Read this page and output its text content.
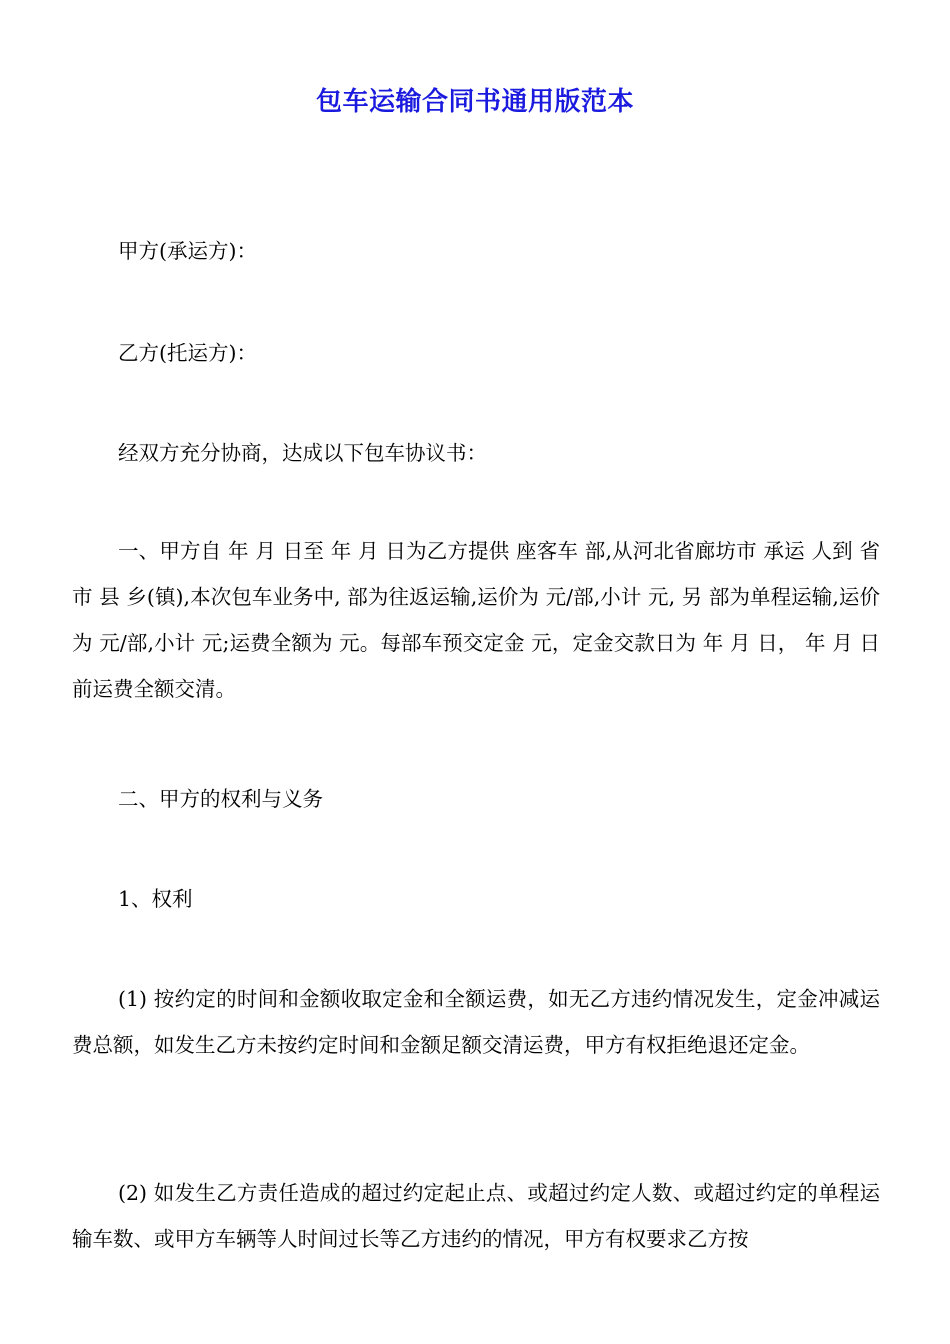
包车运输合同书通用版范本

甲方(承运方)：

乙方(托运方)：

经双方充分协商，达成以下包车协议书：

一、甲方自 年 月 日至 年 月 日为乙方提供 座客车 部,从河北省廊坊市 承运 人到 省 市 县 乡(镇),本次包车业务中, 部为往返运输,运价为 元/部,小计 元, 另 部为单程运输,运价为 元/部,小计 元;运费全额为 元。每部车预交定金 元，定金交款日为 年 月 日， 年 月 日前运费全额交清。

二、甲方的权利与义务

1、权利

(1) 按约定的时间和金额收取定金和全额运费，如无乙方违约情况发生，定金冲减运费总额，如发生乙方未按约定时间和金额足额交清运费，甲方有权拒绝退还定金。

(2) 如发生乙方责任造成的超过约定起止点、或超过约定人数、或超过约定的单程运输车数、或甲方车辆等人时间过长等乙方违约的情况，甲方有权要求乙方按
